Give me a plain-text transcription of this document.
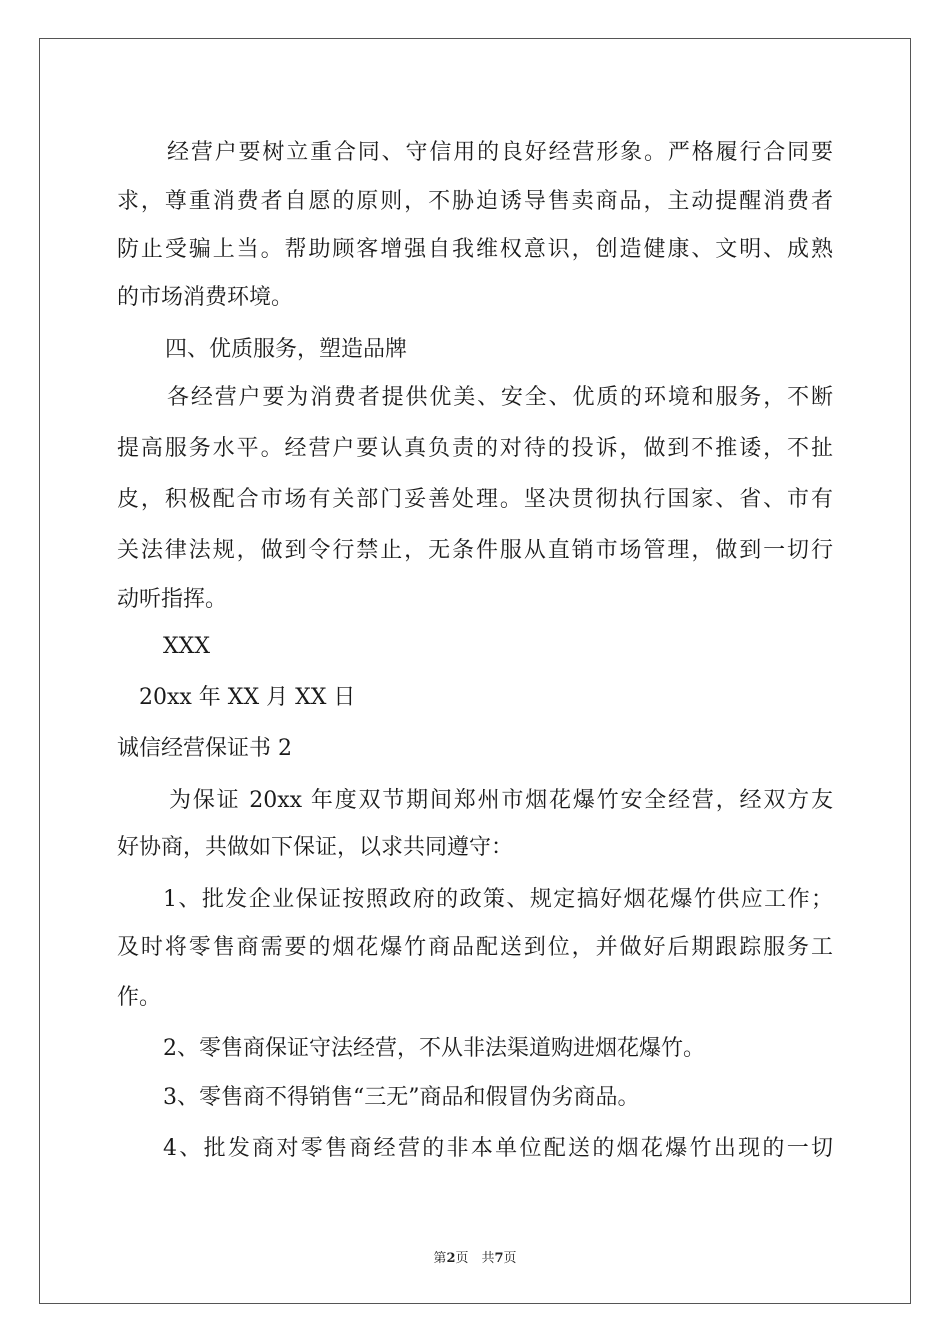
经营户要树立重合同、守信用的良好经营形象。严格履行合同要
求，尊重消费者自愿的原则，不胁迫诱导售卖商品，主动提醒消费者
防止受骗上当。帮助顾客增强自我维权意识，创造健康、文明、成熟
的市场消费环境。
四、优质服务，塑造品牌
各经营户要为消费者提供优美、安全、优质的环境和服务，不断
提高服务水平。经营户要认真负责的对待的投诉，做到不推诿，不扯
皮，积极配合市场有关部门妥善处理。坚决贯彻执行国家、省、市有
关法律法规，做到令行禁止，无条件服从直销市场管理，做到一切行
动听指挥。
XXX
20xx 年 XX 月 XX 日
诚信经营保证书 2
为保证 20xx 年度双节期间郑州市烟花爆竹安全经营，经双方友
好协商，共做如下保证，以求共同遵守：
1、批发企业保证按照政府的政策、规定搞好烟花爆竹供应工作；
及时将零售商需要的烟花爆竹商品配送到位，并做好后期跟踪服务工
作。
2、零售商保证守法经营，不从非法渠道购进烟花爆竹。
3、零售商不得销售“三无”商品和假冒伪劣商品。
4、批发商对零售商经营的非本单位配送的烟花爆竹出现的一切
第2页　共7页
